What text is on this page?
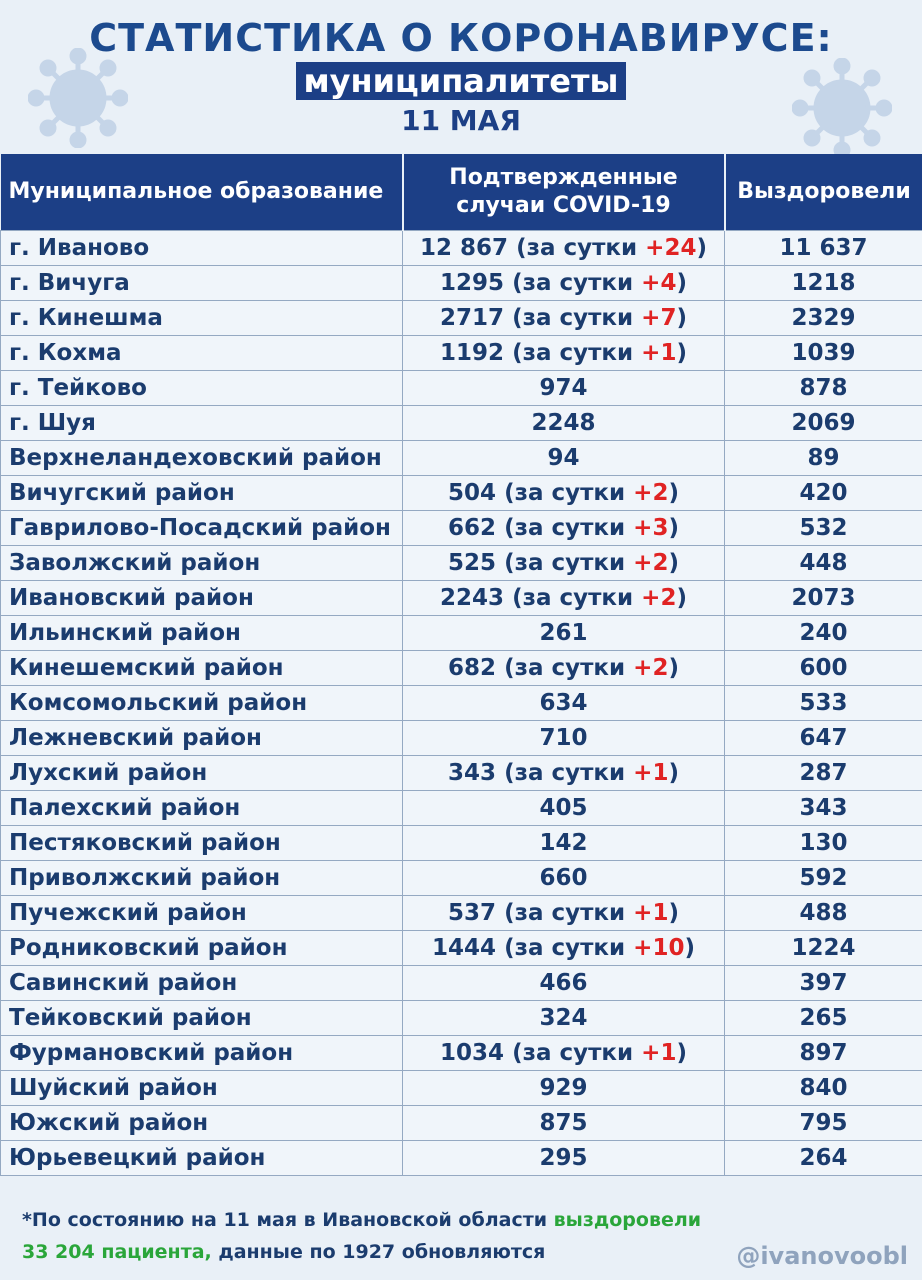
СТАТИСТИКА О КОРОНАВИРУСЕ:
муниципалитеты
11 МАЯ
Муниципальное образование	Подтвержденные случаи COVID-19	Выздоровели
г. Иваново	12 867 (за сутки +24)	11 637
г. Вичуга	1295 (за сутки +4)	1218
г. Кинешма	2717 (за сутки +7)	2329
г. Кохма	1192 (за сутки +1)	1039
г. Тейково	974	878
г. Шуя	2248	2069
Верхнеландеховский район	94	89
Вичугский район	504 (за сутки +2)	420
Гаврилово-Посадский район	662 (за сутки +3)	532
Заволжский район	525 (за сутки +2)	448
Ивановский район	2243 (за сутки +2)	2073
Ильинский район	261	240
Кинешемский район	682 (за сутки +2)	600
Комсомольский район	634	533
Лежневский район	710	647
Лухский район	343 (за сутки +1)	287
Палехский район	405	343
Пестяковский район	142	130
Приволжский район	660	592
Пучежский район	537 (за сутки +1)	488
Родниковский район	1444 (за сутки +10)	1224
Савинский район	466	397
Тейковский район	324	265
Фурмановский район	1034 (за сутки +1)	897
Шуйский район	929	840
Южский район	875	795
Юрьевецкий район	295	264
*По состоянию на 11 мая в Ивановской области выздоровели
33 204 пациента, данные по 1927 обновляются	@ivanovoobl
